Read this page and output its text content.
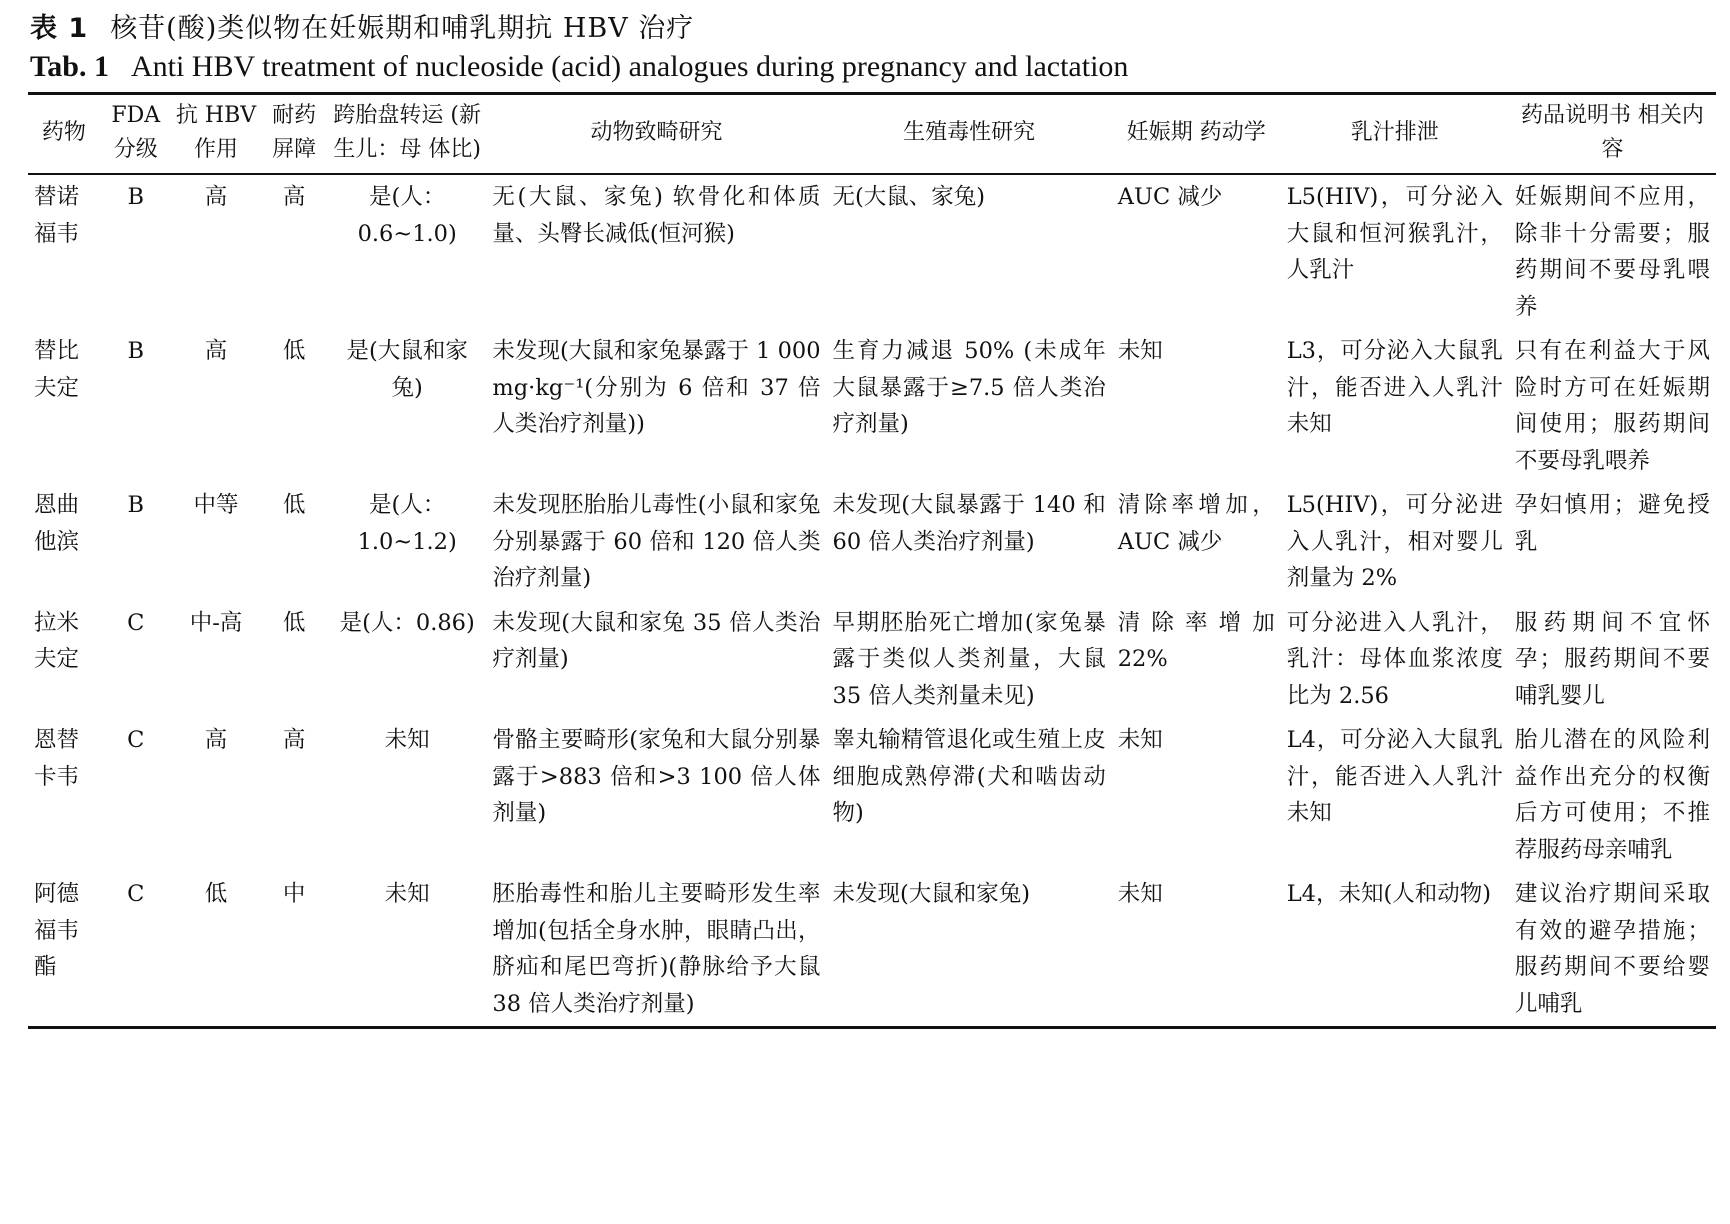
表 1 核苷(酸)类似物在妊娠期和哺乳期抗 HBV 治疗
Tab. 1 Anti HBV treatment of nucleoside (acid) analogues during pregnancy and lactation
药物	FDA 分级	抗 HBV 作用	耐药 屏障	跨胎盘转运 (新生儿：母 体比)	动物致畸研究	生殖毒性研究	妊娠期 药动学	乳汁排泄	药品说明书 相关内容
替诺福韦	B	高	高	是(人：0.6~1.0)	无(大鼠、家兔) 软骨化和体质量、头臀长减低(恒河猴)	无(大鼠、家兔)	AUC 减少	L5(HIV)，可分泌入大鼠和恒河猴乳汁，人乳汁	妊娠期间不应用，除非十分需要；服药期间不要母乳喂养
替比夫定	B	高	低	是(大鼠和家兔)	未发现(大鼠和家兔暴露于 1 000 mg·kg⁻¹(分别为 6 倍和 37 倍人类治疗剂量))	生育力减退 50% (未成年大鼠暴露于≥7.5 倍人类治疗剂量)	未知	L3，可分泌入大鼠乳汁，能否进入人乳汁未知	只有在利益大于风险时方可在妊娠期间使用；服药期间不要母乳喂养
恩曲他滨	B	中等	低	是(人：1.0~1.2)	未发现胚胎胎儿毒性(小鼠和家兔分别暴露于 60 倍和 120 倍人类治疗剂量)	未发现(大鼠暴露于 140 和 60 倍人类治疗剂量)	清除率增加，AUC 减少	L5(HIV)，可分泌进入人乳汁，相对婴儿剂量为 2%	孕妇慎用；避免授乳
拉米夫定	C	中-高	低	是(人：0.86)	未发现(大鼠和家兔 35 倍人类治疗剂量)	早期胚胎死亡增加(家兔暴露于类似人类剂量，大鼠 35 倍人类剂量未见)	清除率增加 22%	可分泌进入人乳汁，乳汁：母体血浆浓度比为 2.56	服药期间不宜怀孕；服药期间不要哺乳婴儿
恩替卡韦	C	高	高	未知	骨骼主要畸形(家兔和大鼠分别暴露于>883 倍和>3 100 倍人体剂量)	睾丸输精管退化或生殖上皮细胞成熟停滞(犬和啮齿动物)	未知	L4，可分泌入大鼠乳汁，能否进入人乳汁未知	胎儿潜在的风险利益作出充分的权衡后方可使用；不推荐服药母亲哺乳
阿德福韦酯	C	低	中	未知	胚胎毒性和胎儿主要畸形发生率增加(包括全身水肿，眼睛凸出，脐疝和尾巴弯折)(静脉给予大鼠 38 倍人类治疗剂量)	未发现(大鼠和家兔)	未知	L4，未知(人和动物)	建议治疗期间采取有效的避孕措施；服药期间不要给婴儿哺乳
